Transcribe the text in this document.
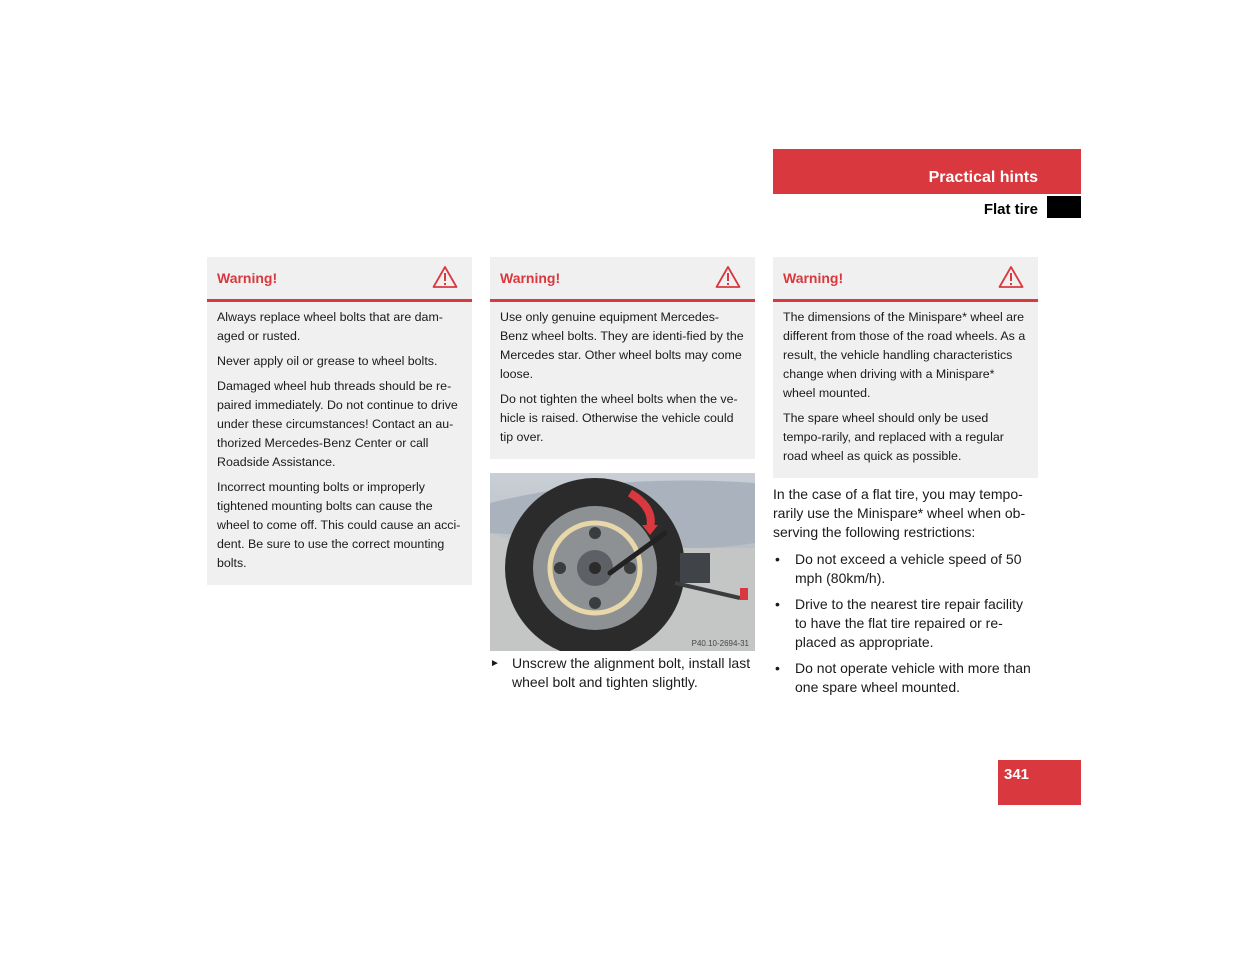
Practical hints
Flat tire
Warning!

Always replace wheel bolts that are dam-aged or rusted.

Never apply oil or grease to wheel bolts.

Damaged wheel hub threads should be re-paired immediately. Do not continue to drive under these circumstances! Contact an au-thorized Mercedes-Benz Center or call Roadside Assistance.

Incorrect mounting bolts or improperly tightened mounting bolts can cause the wheel to come off. This could cause an acci-dent. Be sure to use the correct mounting bolts.

Warning!

Use only genuine equipment Mercedes-Benz wheel bolts. They are identi-fied by the Mercedes star. Other wheel bolts may come loose.

Do not tighten the wheel bolts when the ve-hicle is raised. Otherwise the vehicle could tip over.

Warning!

The dimensions of the Minispare* wheel are different from those of the road wheels. As a result, the vehicle handling characteristics change when driving with a Minispare* wheel mounted.

The spare wheel should only be used tempo-rarily, and replaced with a regular road wheel as quick as possible.

P40.10-2694-31
► Unscrew the alignment bolt, install last wheel bolt and tighten slightly.

In the case of a flat tire, you may tempo-rarily use the Minispare* wheel when ob-serving the following restrictions:

• Do not exceed a vehicle speed of 50 mph (80km/h).
• Drive to the nearest tire repair facility to have the flat tire repaired or re-placed as appropriate.
• Do not operate vehicle with more than one spare wheel mounted.
341
